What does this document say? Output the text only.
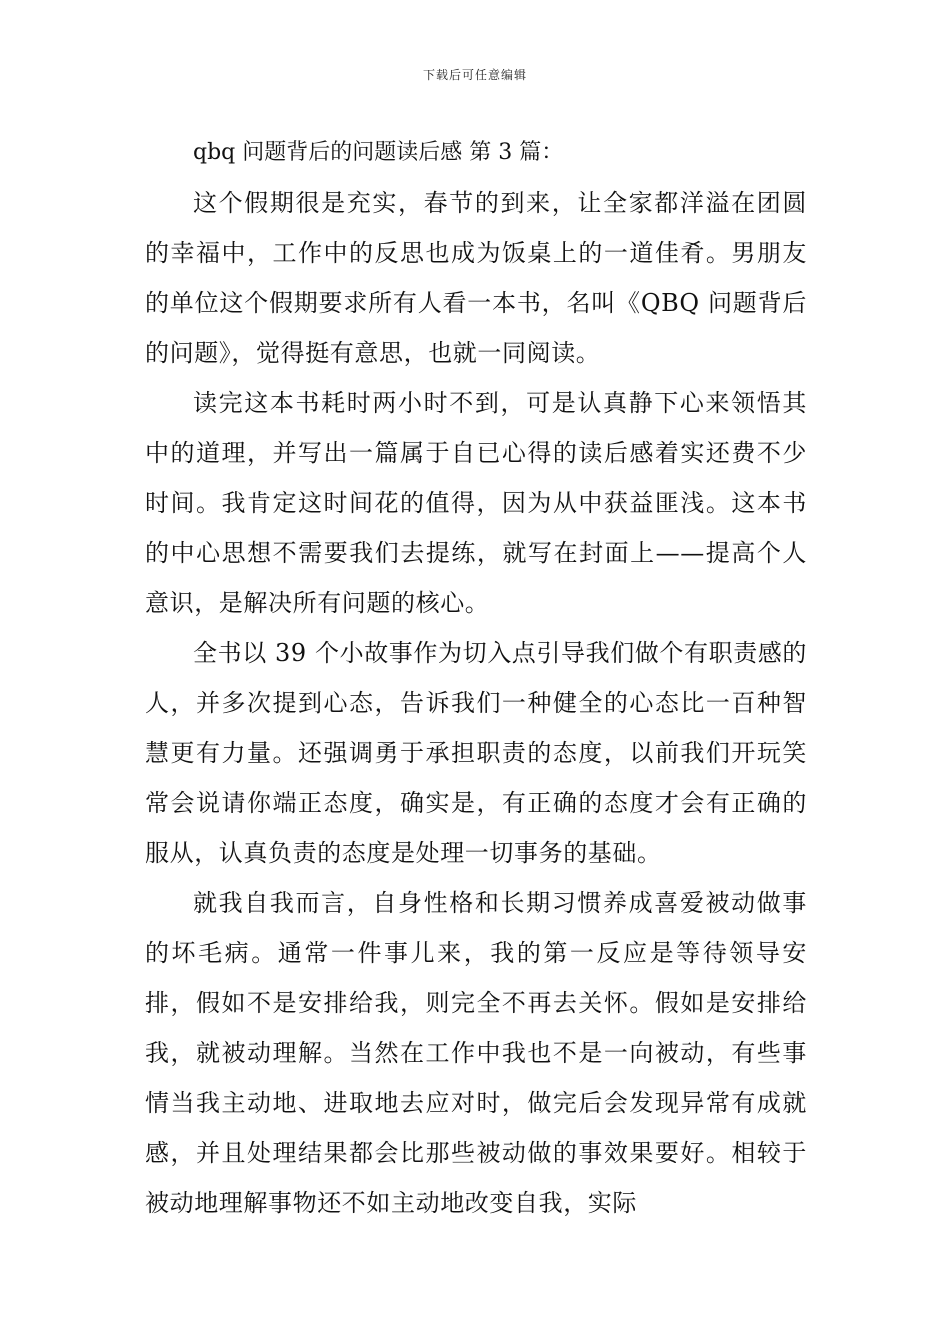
下载后可任意编辑

qbq 问题背后的问题读后感 第 3 篇：

这个假期很是充实，春节的到来，让全家都洋溢在团圆的幸福中，工作中的反思也成为饭桌上的一道佳肴。男朋友的单位这个假期要求所有人看一本书，名叫《QBQ 问题背后的问题》，觉得挺有意思，也就一同阅读。

读完这本书耗时两小时不到，可是认真静下心来领悟其中的道理，并写出一篇属于自已心得的读后感着实还费不少时间。我肯定这时间花的值得，因为从中获益匪浅。这本书的中心思想不需要我们去提练，就写在封面上——提高个人意识，是解决所有问题的核心。

全书以 39 个小故事作为切入点引导我们做个有职责感的人，并多次提到心态，告诉我们一种健全的心态比一百种智慧更有力量。还强调勇于承担职责的态度，以前我们开玩笑常会说请你端正态度，确实是，有正确的态度才会有正确的服从，认真负责的态度是处理一切事务的基础。

就我自我而言，自身性格和长期习惯养成喜爱被动做事的坏毛病。通常一件事儿来，我的第一反应是等待领导安排，假如不是安排给我，则完全不再去关怀。假如是安排给我，就被动理解。当然在工作中我也不是一向被动，有些事情当我主动地、进取地去应对时，做完后会发现异常有成就感，并且处理结果都会比那些被动做的事效果要好。相较于被动地理解事物还不如主动地改变自我，实际
